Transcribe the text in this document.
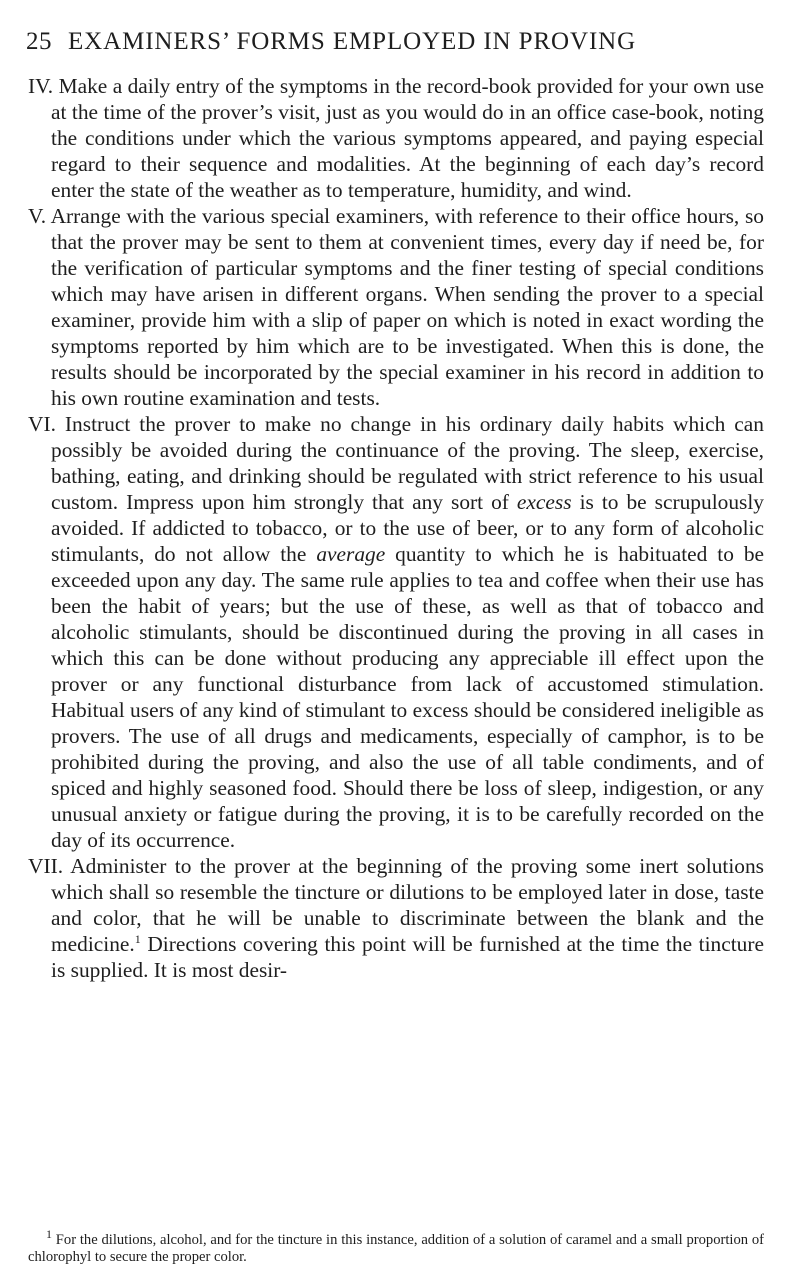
25 EXAMINERS’ FORMS EMPLOYED IN PROVING

IV. Make a daily entry of the symptoms in the record-book provided for your own use at the time of the prover’s visit, just as you would do in an office case-book, noting the conditions under which the various symptoms appeared, and paying especial regard to their sequence and modalities. At the beginning of each day’s record enter the state of the weather as to temperature, humidity, and wind.

V. Arrange with the various special examiners, with reference to their office hours, so that the prover may be sent to them at convenient times, every day if need be, for the verification of particular symptoms and the finer testing of special conditions which may have arisen in different organs. When sending the prover to a special examiner, provide him with a slip of paper on which is noted in exact wording the symptoms reported by him which are to be investigated. When this is done, the results should be incorporated by the special examiner in his record in addition to his own routine examination and tests.

VI. Instruct the prover to make no change in his ordinary daily habits which can possibly be avoided during the continuance of the proving. The sleep, exercise, bathing, eating, and drinking should be regulated with strict reference to his usual custom. Impress upon him strongly that any sort of excess is to be scrupulously avoided. If addicted to tobacco, or to the use of beer, or to any form of alcoholic stimulants, do not allow the average quantity to which he is habituated to be exceeded upon any day. The same rule applies to tea and coffee when their use has been the habit of years; but the use of these, as well as that of tobacco and alcoholic stimulants, should be discontinued during the proving in all cases in which this can be done without producing any appreciable ill effect upon the prover or any functional disturbance from lack of accustomed stimulation. Habitual users of any kind of stimulant to excess should be considered ineligible as provers. The use of all drugs and medicaments, especially of camphor, is to be prohibited during the proving, and also the use of all table condiments, and of spiced and highly seasoned food. Should there be loss of sleep, indigestion, or any unusual anxiety or fatigue during the proving, it is to be carefully recorded on the day of its occurrence.

VII. Administer to the prover at the beginning of the proving some inert solutions which shall so resemble the tincture or dilutions to be employed later in dose, taste and color, that he will be unable to discriminate between the blank and the medicine.$^1$ Directions covering this point will be furnished at the time the tincture is supplied. It is most desir-

$^1$ For the dilutions, alcohol, and for the tincture in this instance, addition of a solution of caramel and a small proportion of chlorophyl to secure the proper color.
